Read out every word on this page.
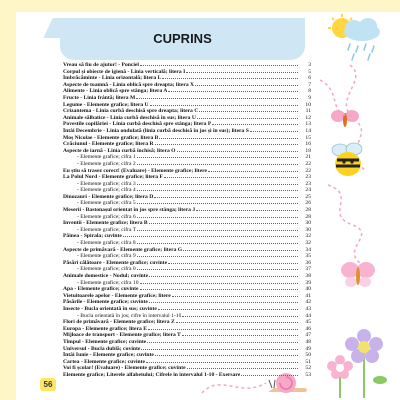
CUPRINS
Vreau să fiu de ajutor! - Ponciel	3
Corpul și obiecte de igienă - Linia verticală; litera I	5
Îmbrăcăminte - Linia orizontală; litera L	6
Aspecte de toamnă - Linia oblică spre dreapta; litera X	7
Alimente - Linia oblică spre stânga; litera A	8
Fructe - Linia frântă; litera M	9
Legume - Elemente grafice; litera U	10
Crizantema - Linia curbă deschisă spre dreapta; litera C	11
Animale sălbatice - Linia curbă deschisă în sus; litera U	12
Povestile copilăriei - Linia curbă deschisă spre stânga; litera P	13
Întâi Decembrie - Linia ondulată (linia curbă deschisă în jos și în sus); litera S	14
Moș Nicolae - Elemente grafice; litera B	15
Crăciunul - Elemente grafice; litera R	16
Aspecte de iarnă - Linia curbă închisă; litera O	18
- Elemente grafice; cifra 1	21
- Elemente grafice; cifra 2	22
Eu știu să trasez corect! (Evaluare) - Elemente grafice; litere	22
La Polul Nord - Elemente grafice; litera F	23
- Elemente grafice; cifra 3	23
- Elemente grafice; cifra 4	24
Dinozauri - Elemente grafice; litera D	25
- Elemente grafice; cifra 5	26
Meserii - Bastonașul orientat în jos spre stânga; litera J	28
- Elemente grafice; cifra 6	28
Inventii - Elemente grafice; litera B	30
- Elemente grafice; cifra T	30
Păinea - Spirala; cuvinte	32
- Elemente grafice; cifra 8	32
Aspecte de primăvară - Elemente grafice; litera G	34
- Elemente grafice; cifra 9	35
Păsări călătoare - Elemente grafice; cuvinte	36
- Elemente grafice; cifra 0	37
Animale domestice - Nodul; cuvinte	38
- Elemente grafice; cifra 10	39
Apa - Elemente grafice; cuvinte	40
Vietuitoarele apelor - Elemente grafice; litere	41
Păsările - Elemente grafice; cuvinte	42
Insecte - Bucla orientată în sus; cuvinte	43
- Bucla orientată în jos; cifre în intervalul 1-10	44
Flori de primăvară - Elemente grafice; litera Z	45
Europa - Elemente grafice; litera E	46
Mijloace de transport - Elemente grafice; litera T	47
Timpul - Elemente grafice; cuvinte	48
Universul - Bucla dublă; cuvinte	49
Întâi Iunie - Elemente grafice; cuvinte	50
Cartea - Elemente grafice; cuvinte	51
Voi fi școlar! (Evaluare) - Elemente grafice; cuvinte	52
Elemente grafice; Literele alfabetului; Cifrele în intervalul 1-10 - Exersare	53
56
